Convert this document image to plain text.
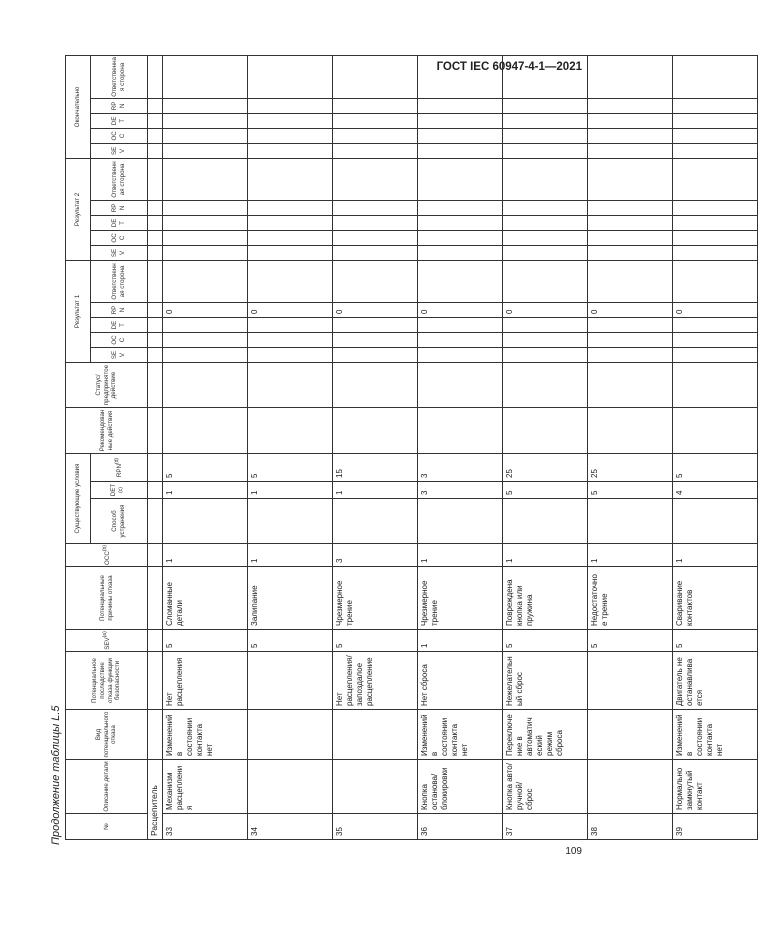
ГОСТ IEC 60947-4-1—2021
Продолжение таблицы L.5
109
№	Описание детали	Вид потенциального отказа	Потенциальное последствие отказа функции безопасности	SEV$^{(a)}$	Потенциальные причины отказа	OCC$^{(b)}$	Существующие условия			Рекомендованные действия	Статус/предпринятое действие	Результат 1					Результат 2					Окончательно				
							Способ устранения	DET$^{(c)}$	RPN$^{(d)}$			SEV	OCC	DET	RPN	Ответственная сторона	SEV	OCC	DET	RPN	Ответственная сторона	SEV	OCC	DET	RPN	Ответственная сторона
Расцепитель																										
33	Механизм расцепления	Изменений в состоянии контакта нет	Нет расцепления	5	Сломанные детали	1		1	5						0											
34				5	Залипание	1		1	5						0											
35			Нет расцепления/запоздалое расцепление	5	Чрезмерное трение	3		1	15						0											
36	Кнопка останова/блокировки	Изменений в состоянии контакта нет	Нет сброса	1	Чрезмерное трение	1		3	3						0											
37	Кнопка авто/ручной/сброс	Переключение в автоматический режим сброса	Нежелательный сброс	5	Повреждена кнопка или пружина	1		5	25						0											
38				5	Недостаточное трение	1		5	25						0											
39	Нормально замкнутый контакт	Изменений в состоянии контакта нет	Двигатель не останавливается	5	Сваривание контактов	1		4	5						0											
